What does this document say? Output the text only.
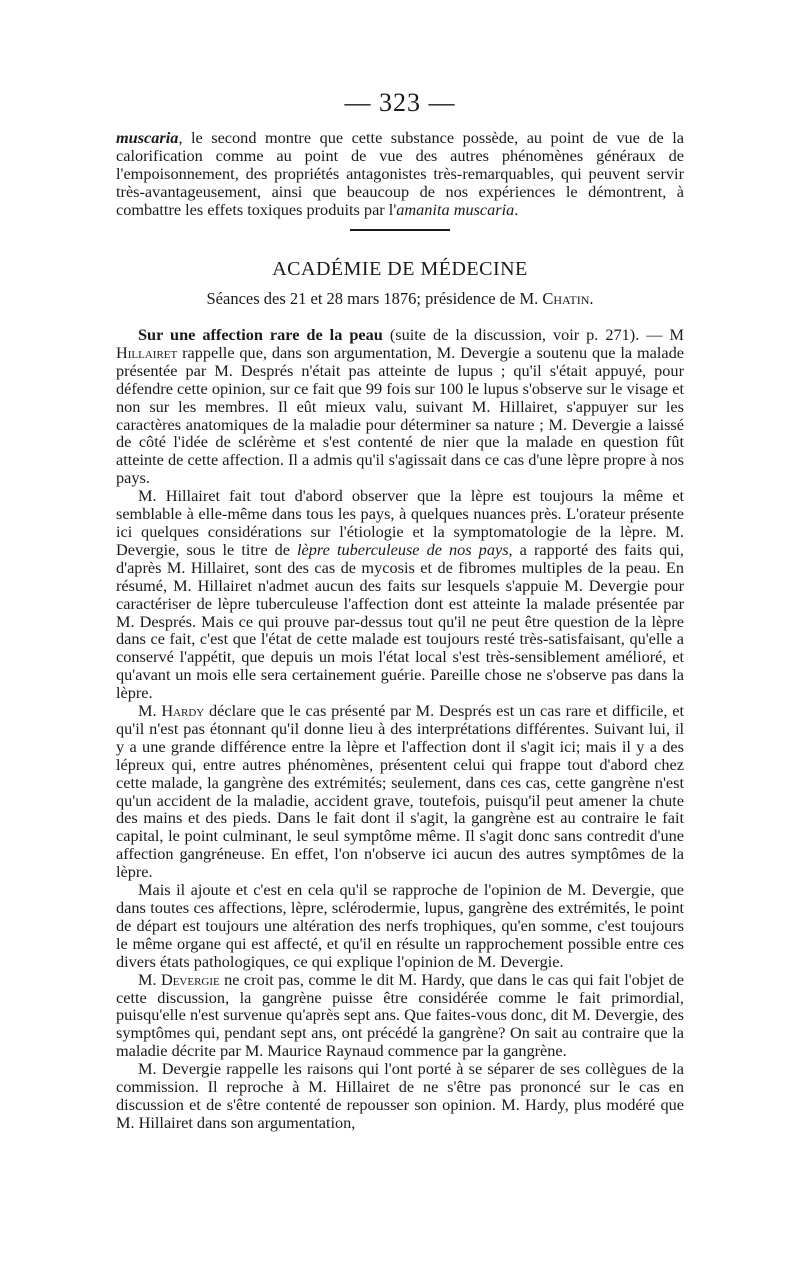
— 323 —

muscaria, le second montre que cette substance possède, au point de vue de la calorification comme au point de vue des autres phénomènes généraux de l'empoisonnement, des propriétés antagonistes très-remarquables, qui peuvent servir très-avantageusement, ainsi que beaucoup de nos expériences le démontrent, à combattre les effets toxiques produits par l'amanita muscaria.

ACADÉMIE DE MÉDECINE
Séances des 21 et 28 mars 1876; présidence de M. Chatin.

Sur une affection rare de la peau (suite de la discussion, voir p. 271). — M Hillairet rappelle que, dans son argumentation, M. Devergie a soutenu que la malade présentée par M. Després n'était pas atteinte de lupus ; qu'il s'était appuyé, pour défendre cette opinion, sur ce fait que 99 fois sur 100 le lupus s'observe sur le visage et non sur les membres. Il eût mieux valu, suivant M. Hillairet, s'appuyer sur les caractères anatomiques de la maladie pour déterminer sa nature ; M. Devergie a laissé de côté l'idée de sclérème et s'est contenté de nier que la malade en question fût atteinte de cette affection. Il a admis qu'il s'agissait dans ce cas d'une lèpre propre à nos pays.

M. Hillairet fait tout d'abord observer que la lèpre est toujours la même et semblable à elle-même dans tous les pays, à quelques nuances près. L'orateur présente ici quelques considérations sur l'étiologie et la symptomatologie de la lèpre. M. Devergie, sous le titre de lèpre tuberculeuse de nos pays, a rapporté des faits qui, d'après M. Hillairet, sont des cas de mycosis et de fibromes multiples de la peau. En résumé, M. Hillairet n'admet aucun des faits sur lesquels s'appuie M. Devergie pour caractériser de lèpre tuberculeuse l'affection dont est atteinte la malade présentée par M. Després. Mais ce qui prouve par-dessus tout qu'il ne peut être question de la lèpre dans ce fait, c'est que l'état de cette malade est toujours resté très-satisfaisant, qu'elle a conservé l'appétit, que depuis un mois l'état local s'est très-sensiblement amélioré, et qu'avant un mois elle sera certainement guérie. Pareille chose ne s'observe pas dans la lèpre.

M. Hardy déclare que le cas présenté par M. Després est un cas rare et difficile, et qu'il n'est pas étonnant qu'il donne lieu à des interprétations différentes. Suivant lui, il y a une grande différence entre la lèpre et l'affection dont il s'agit ici; mais il y a des lépreux qui, entre autres phénomènes, présentent celui qui frappe tout d'abord chez cette malade, la gangrène des extrémités; seulement, dans ces cas, cette gangrène n'est qu'un accident de la maladie, accident grave, toutefois, puisqu'il peut amener la chute des mains et des pieds. Dans le fait dont il s'agit, la gangrène est au contraire le fait capital, le point culminant, le seul symptôme même. Il s'agit donc sans contredit d'une affection gangréneuse. En effet, l'on n'observe ici aucun des autres symptômes de la lèpre.

Mais il ajoute et c'est en cela qu'il se rapproche de l'opinion de M. Devergie, que dans toutes ces affections, lèpre, sclérodermie, lupus, gangrène des extrémités, le point de départ est toujours une altération des nerfs trophiques, qu'en somme, c'est toujours le même organe qui est affecté, et qu'il en résulte un rapprochement possible entre ces divers états pathologiques, ce qui explique l'opinion de M. Devergie.

M. Devergie ne croit pas, comme le dit M. Hardy, que dans le cas qui fait l'objet de cette discussion, la gangrène puisse être considérée comme le fait primordial, puisqu'elle n'est survenue qu'après sept ans. Que faites-vous donc, dit M. Devergie, des symptômes qui, pendant sept ans, ont précédé la gangrène? On sait au contraire que la maladie décrite par M. Maurice Raynaud commence par la gangrène.

M. Devergie rappelle les raisons qui l'ont porté à se séparer de ses collègues de la commission. Il reproche à M. Hillairet de ne s'être pas prononcé sur le cas en discussion et de s'être contenté de repousser son opinion. M. Hardy, plus modéré que M. Hillairet dans son argumentation,
